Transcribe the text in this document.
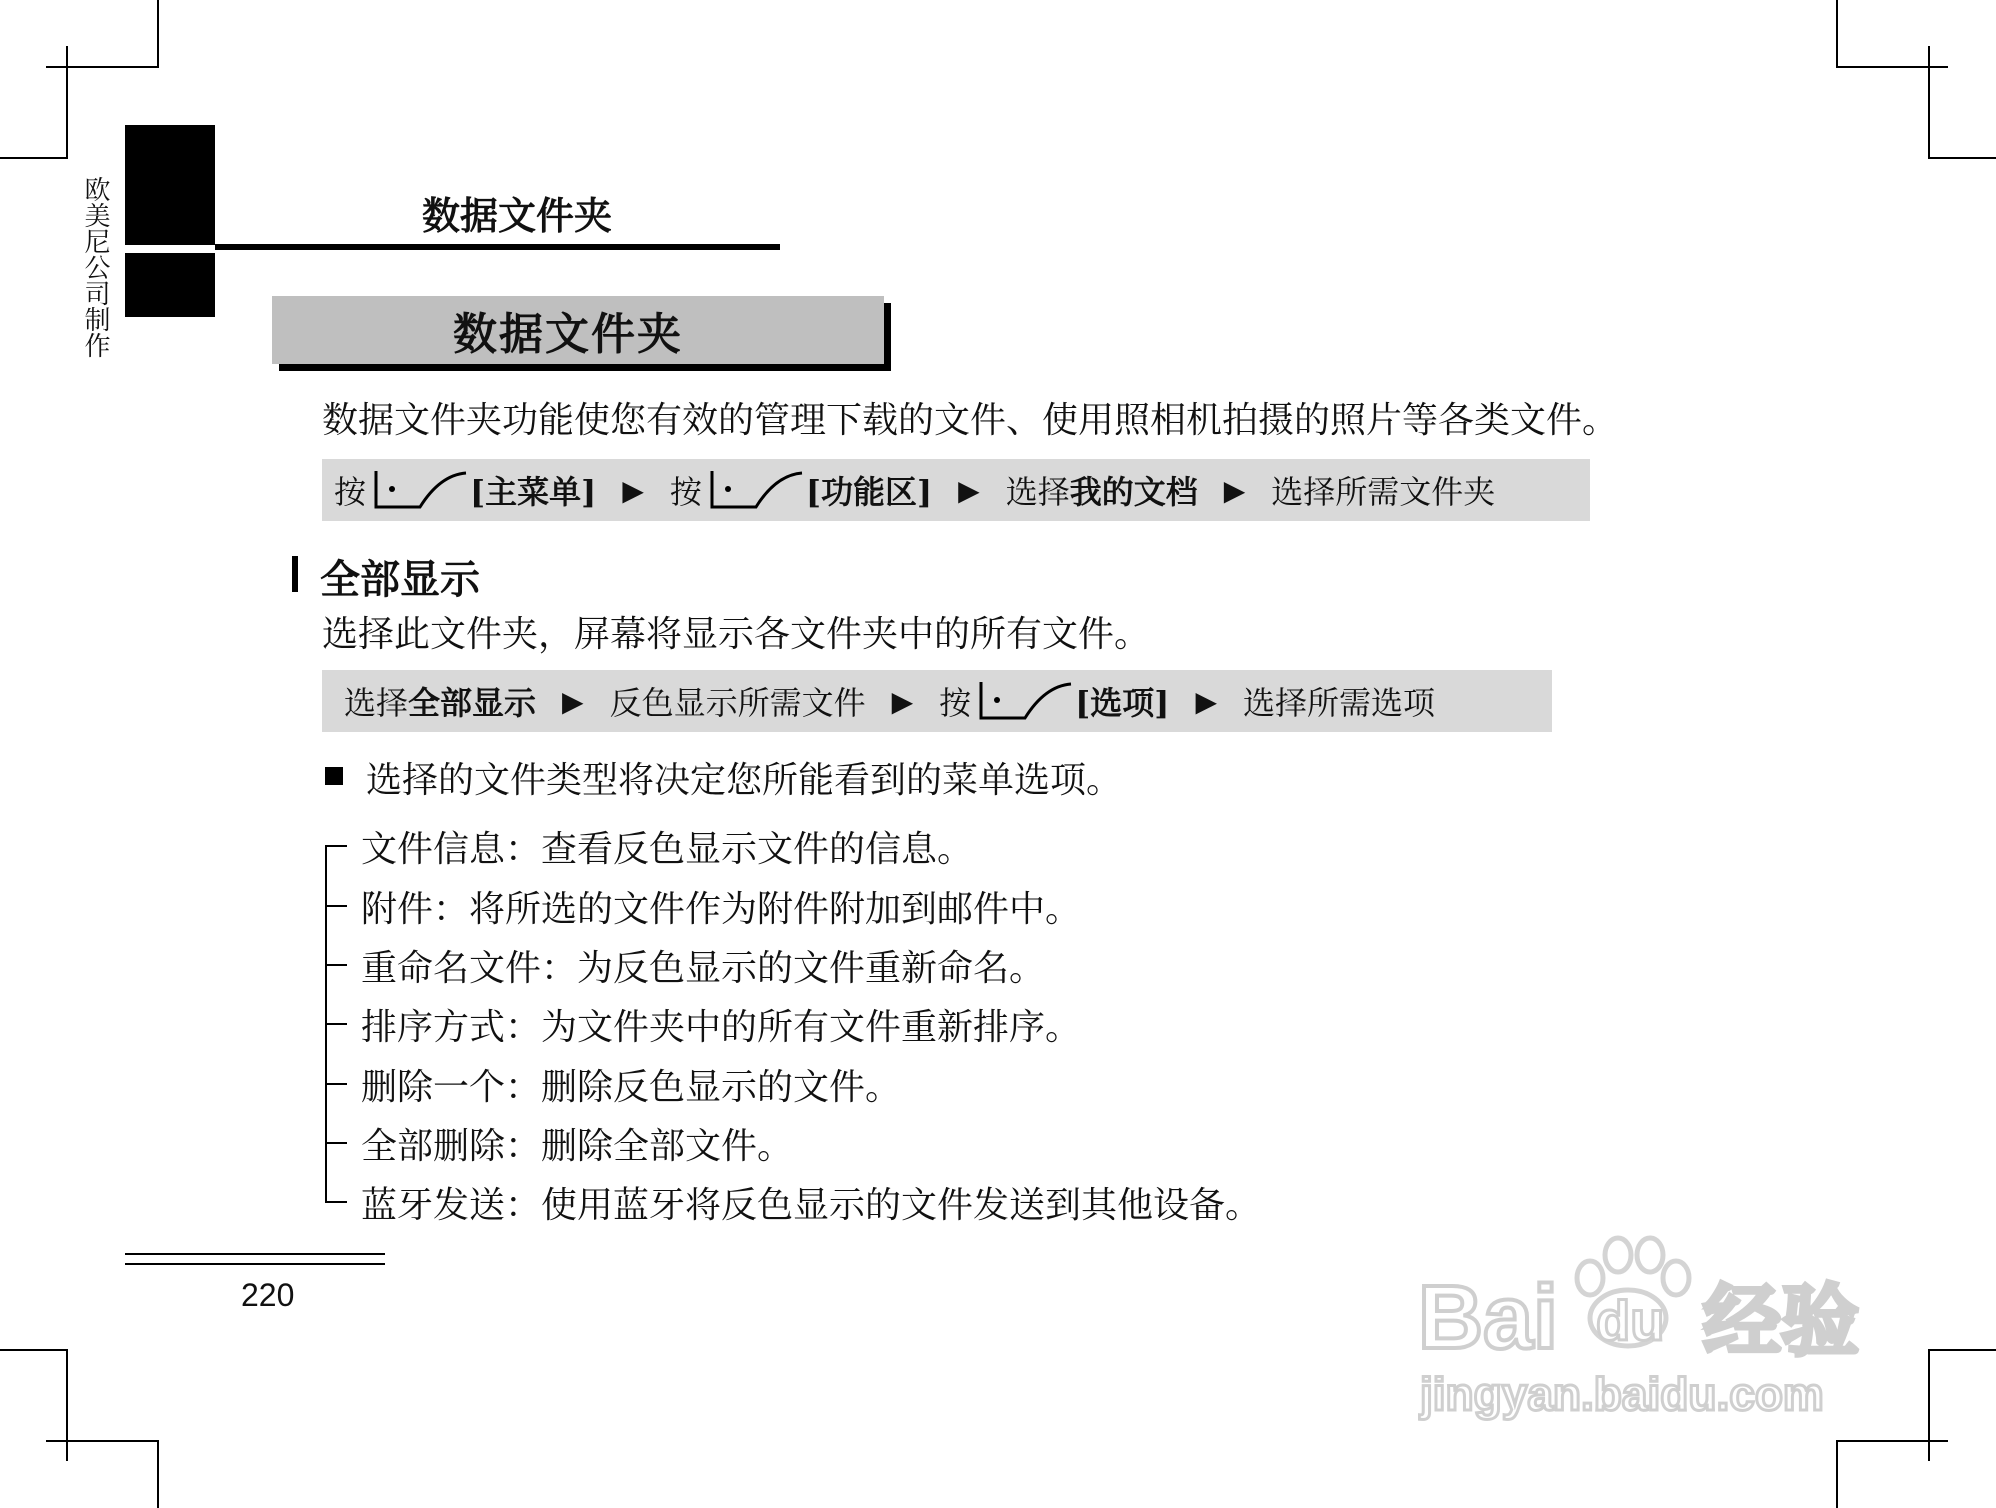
欧美尼公司制作	数据文件夹
数据文件夹
数据文件夹功能使您有效的管理下载的文件、使用照相机拍摄的照片等各类文件。
按	[主菜单] ▶ 按	[功能区] ▶ 选择 我的文档 ▶ 选择所需文件夹
全部显示
选择此文件夹，屏幕将显示各文件夹中的所有文件。
选择 全部显示 ▶ 反色显示所需文件 ▶ 按	[选项] ▶ 选择所需选项
选择的文件类型将决定您所能看到的菜单选项。
文件信息：查看反色显示文件的信息。
附件：将所选的文件作为附件附加到邮件中。
重命名文件：为反色显示的文件重新命名。
排序方式：为文件夹中的所有文件重新排序。
删除一个：删除反色显示的文件。
全部删除：删除全部文件。
蓝牙发送：使用蓝牙将反色显示的文件发送到其他设备。
220	Bai du 经验
jingyan.baidu.com
